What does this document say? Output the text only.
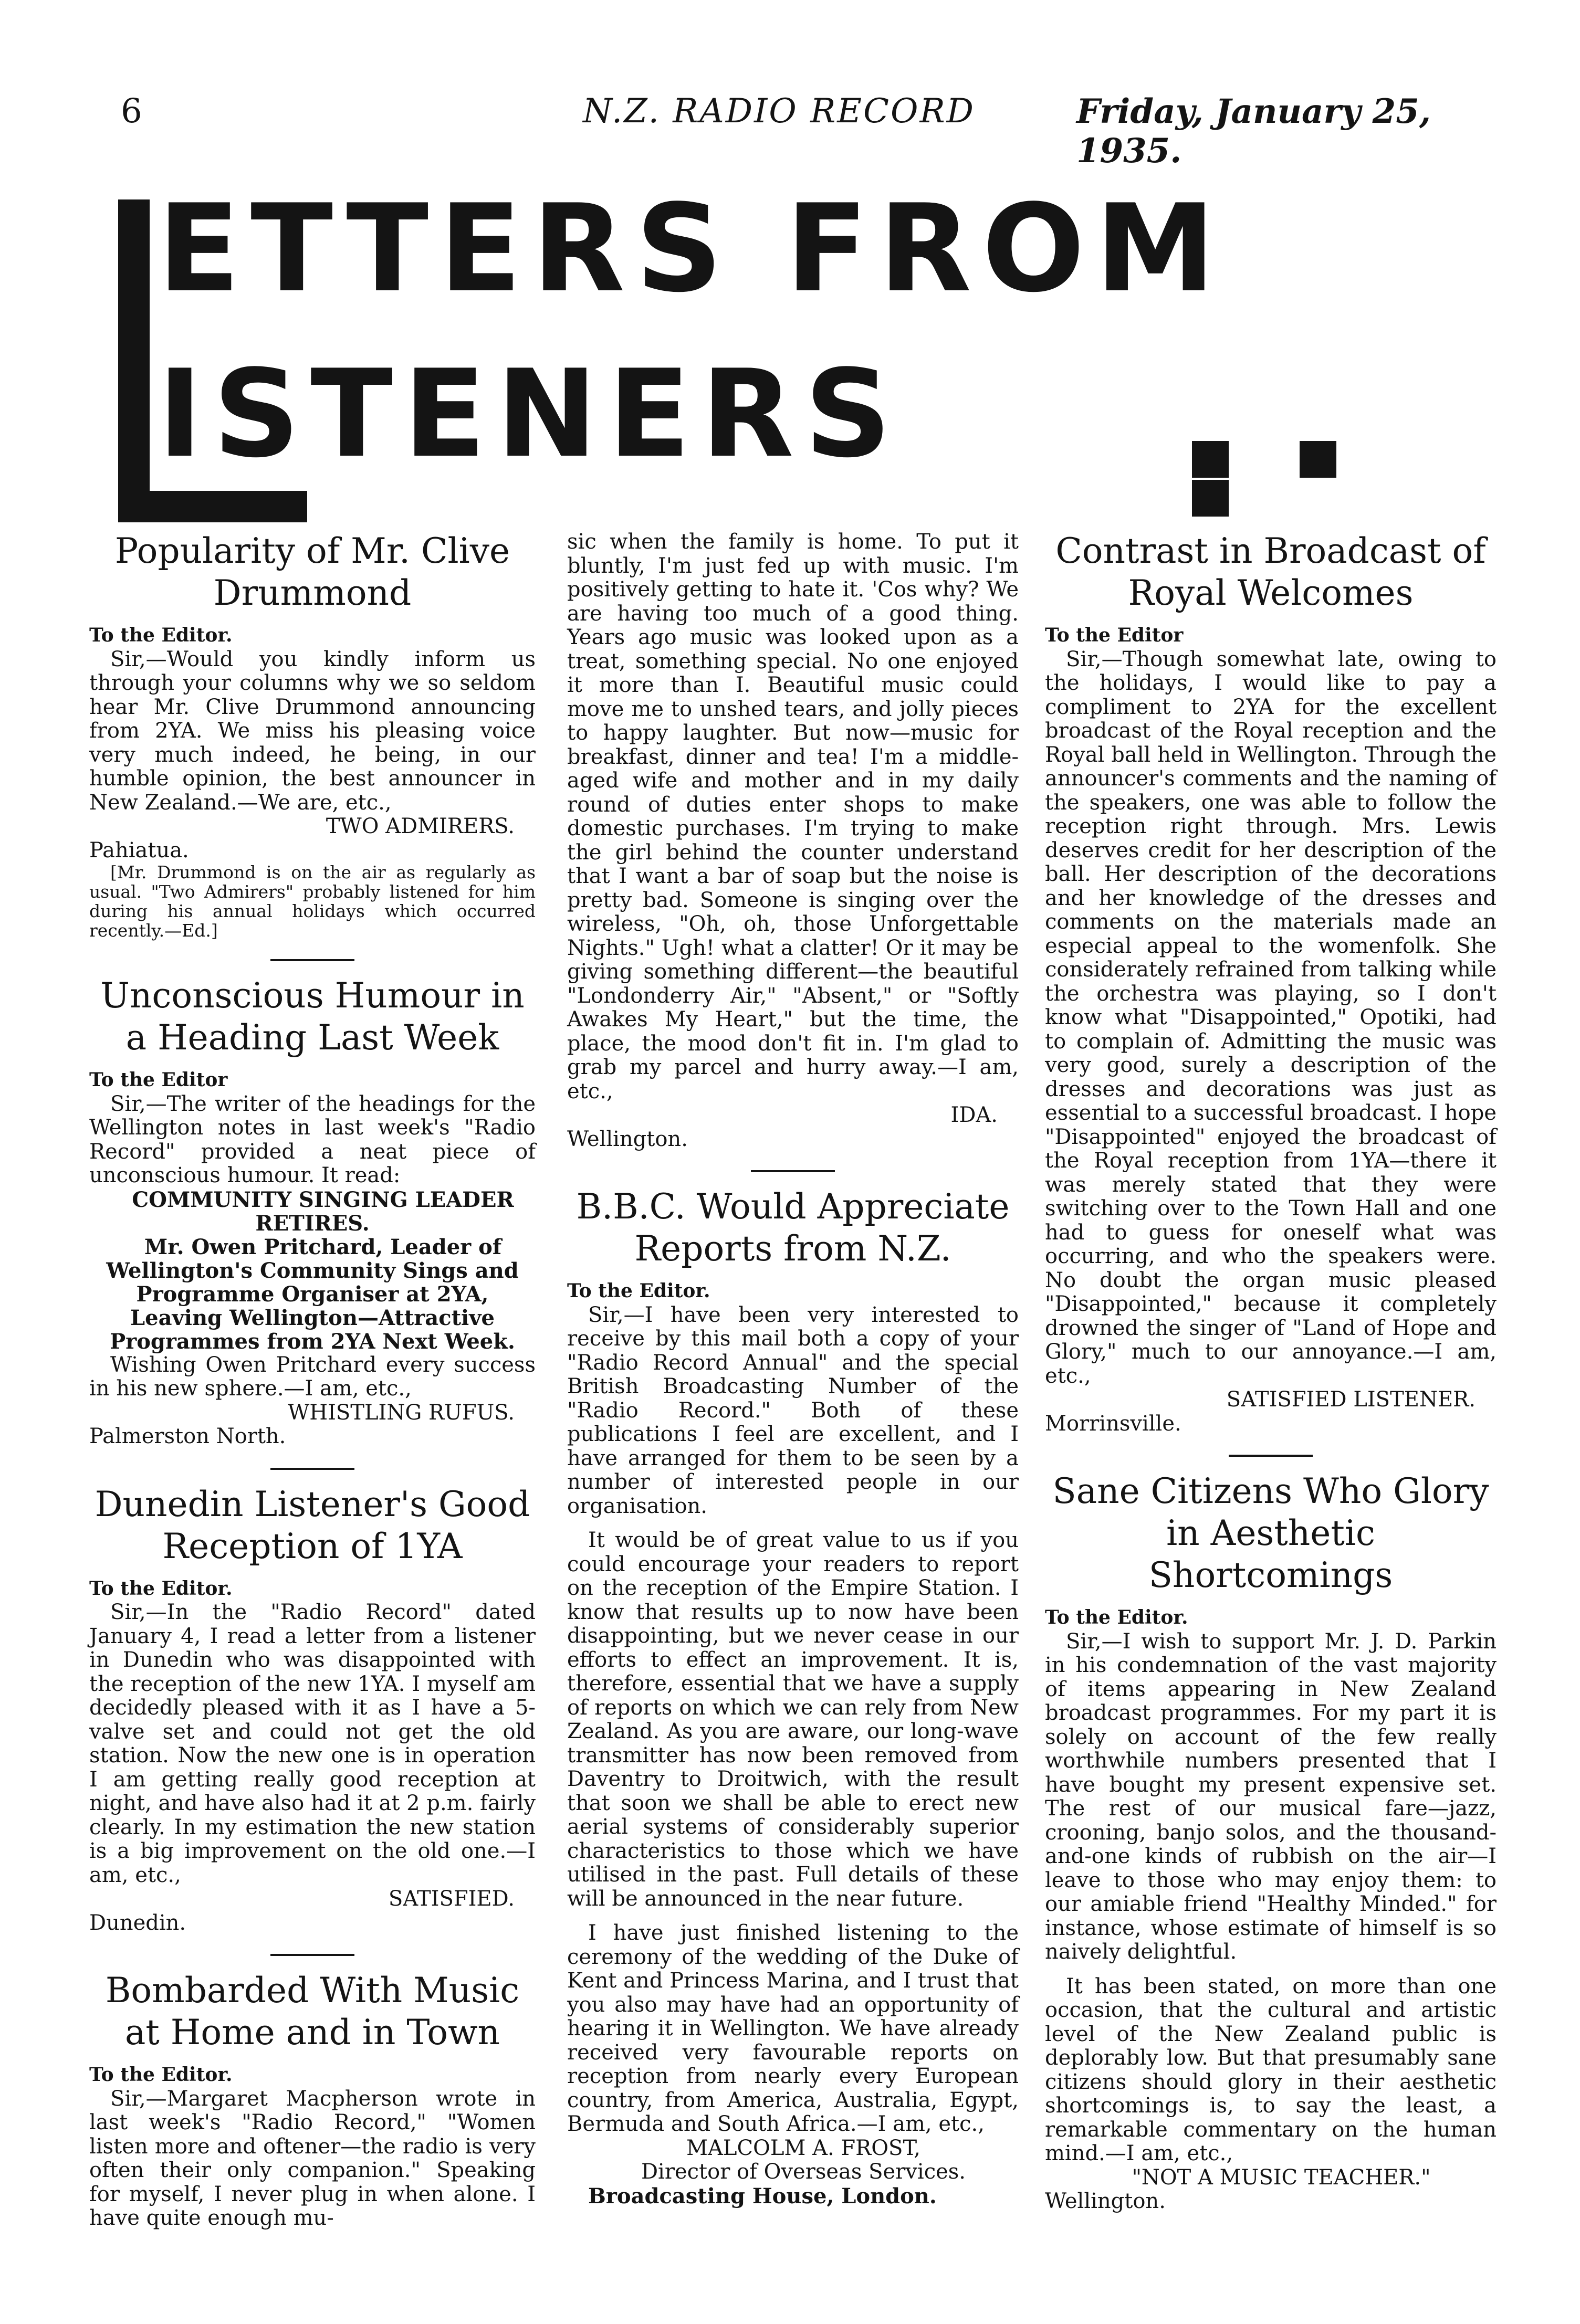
6	N.Z. RADIO RECORD	Friday, January 25, 1935.
ETTERS FROM
ISTENERS
Popularity of Mr. Clive Drummond

To the Editor.

Sir,—Would you kindly inform us through your columns why we so seldom hear Mr. Clive Drummond announcing from 2YA. We miss his pleasing voice very much indeed, he being, in our humble opinion, the best announcer in New Zealand.—We are, etc.,

TWO ADMIRERS.

Pahiatua.

[Mr. Drummond is on the air as regularly as usual. "Two Admirers" probably listened for him during his annual holidays which occurred recently.—Ed.]

Unconscious Humour in a Heading Last Week

To the Editor

Sir,—The writer of the headings for the Wellington notes in last week's "Radio Record" provided a neat piece of unconscious humour. It read:

COMMUNITY SINGING LEADER RETIRES.

Mr. Owen Pritchard, Leader of Wellington's Community Sings and Programme Organiser at 2YA, Leaving Wellington—Attractive Programmes from 2YA Next Week.

Wishing Owen Pritchard every success in his new sphere.—I am, etc.,

WHISTLING RUFUS.

Palmerston North.

Dunedin Listener's Good Reception of 1YA

To the Editor.

Sir,—In the "Radio Record" dated January 4, I read a letter from a listener in Dunedin who was disappointed with the reception of the new 1YA. I myself am decidedly pleased with it as I have a 5-valve set and could not get the old station. Now the new one is in operation I am getting really good reception at night, and have also had it at 2 p.m. fairly clearly. In my estimation the new station is a big improvement on the old one.—I am, etc.,

SATISFIED.

Dunedin.

Bombarded With Music at Home and in Town

To the Editor.

Sir,—Margaret Macpherson wrote in last week's "Radio Record," "Women listen more and oftener—the radio is very often their only companion." Speaking for myself, I never plug in when alone. I have quite enough mu-

sic when the family is home. To put it bluntly, I'm just fed up with music. I'm positively getting to hate it. 'Cos why? We are having too much of a good thing. Years ago music was looked upon as a treat, something special. No one enjoyed it more than I. Beautiful music could move me to unshed tears, and jolly pieces to happy laughter. But now—music for breakfast, dinner and tea! I'm a middle-aged wife and mother and in my daily round of duties enter shops to make domestic purchases. I'm trying to make the girl behind the counter understand that I want a bar of soap but the noise is pretty bad. Someone is singing over the wireless, "Oh, oh, those Unforgettable Nights." Ugh! what a clatter! Or it may be giving something different—the beautiful "Londonderry Air," "Absent," or "Softly Awakes My Heart," but the time, the place, the mood don't fit in. I'm glad to grab my parcel and hurry away.—I am, etc.,

IDA.

Wellington.

B.B.C. Would Appreciate Reports from N.Z.

To the Editor.

Sir,—I have been very interested to receive by this mail both a copy of your "Radio Record Annual" and the special British Broadcasting Number of the "Radio Record." Both of these publications I feel are excellent, and I have arranged for them to be seen by a number of interested people in our organisation.

It would be of great value to us if you could encourage your readers to report on the reception of the Empire Station. I know that results up to now have been disappointing, but we never cease in our efforts to effect an improvement. It is, therefore, essential that we have a supply of reports on which we can rely from New Zealand. As you are aware, our long-wave transmitter has now been removed from Daventry to Droitwich, with the result that soon we shall be able to erect new aerial systems of considerably superior characteristics to those which we have utilised in the past. Full details of these will be announced in the near future.

I have just finished listening to the ceremony of the wedding of the Duke of Kent and Princess Marina, and I trust that you also may have had an opportunity of hearing it in Wellington. We have already received very favourable reports on reception from nearly every European country, from America, Australia, Egypt, Bermuda and South Africa.—I am, etc.,

MALCOLM A. FROST,

Director of Overseas Services.

Broadcasting House, London.

Contrast in Broadcast of Royal Welcomes

To the Editor

Sir,—Though somewhat late, owing to the holidays, I would like to pay a compliment to 2YA for the excellent broadcast of the Royal reception and the Royal ball held in Wellington. Through the announcer's comments and the naming of the speakers, one was able to follow the reception right through. Mrs. Lewis deserves credit for her description of the ball. Her description of the decorations and her knowledge of the dresses and comments on the materials made an especial appeal to the womenfolk. She considerately refrained from talking while the orchestra was playing, so I don't know what "Disappointed," Opotiki, had to complain of. Admitting the music was very good, surely a description of the dresses and decorations was just as essential to a successful broadcast. I hope "Disappointed" enjoyed the broadcast of the Royal reception from 1YA—there it was merely stated that they were switching over to the Town Hall and one had to guess for oneself what was occurring, and who the speakers were. No doubt the organ music pleased "Disappointed," because it completely drowned the singer of "Land of Hope and Glory," much to our annoyance.—I am, etc.,

SATISFIED LISTENER.

Morrinsville.

Sane Citizens Who Glory in Aesthetic Shortcomings

To the Editor.

Sir,—I wish to support Mr. J. D. Parkin in his condemnation of the vast majority of items appearing in New Zealand broadcast programmes. For my part it is solely on account of the few really worthwhile numbers presented that I have bought my present expensive set. The rest of our musical fare—jazz, crooning, banjo solos, and the thousand-and-one kinds of rubbish on the air—I leave to those who may enjoy them: to our amiable friend "Healthy Minded." for instance, whose estimate of himself is so naively delightful.

It has been stated, on more than one occasion, that the cultural and artistic level of the New Zealand public is deplorably low. But that presumably sane citizens should glory in their aesthetic shortcomings is, to say the least, a remarkable commentary on the human mind.—I am, etc.,

"NOT A MUSIC TEACHER."

Wellington.
